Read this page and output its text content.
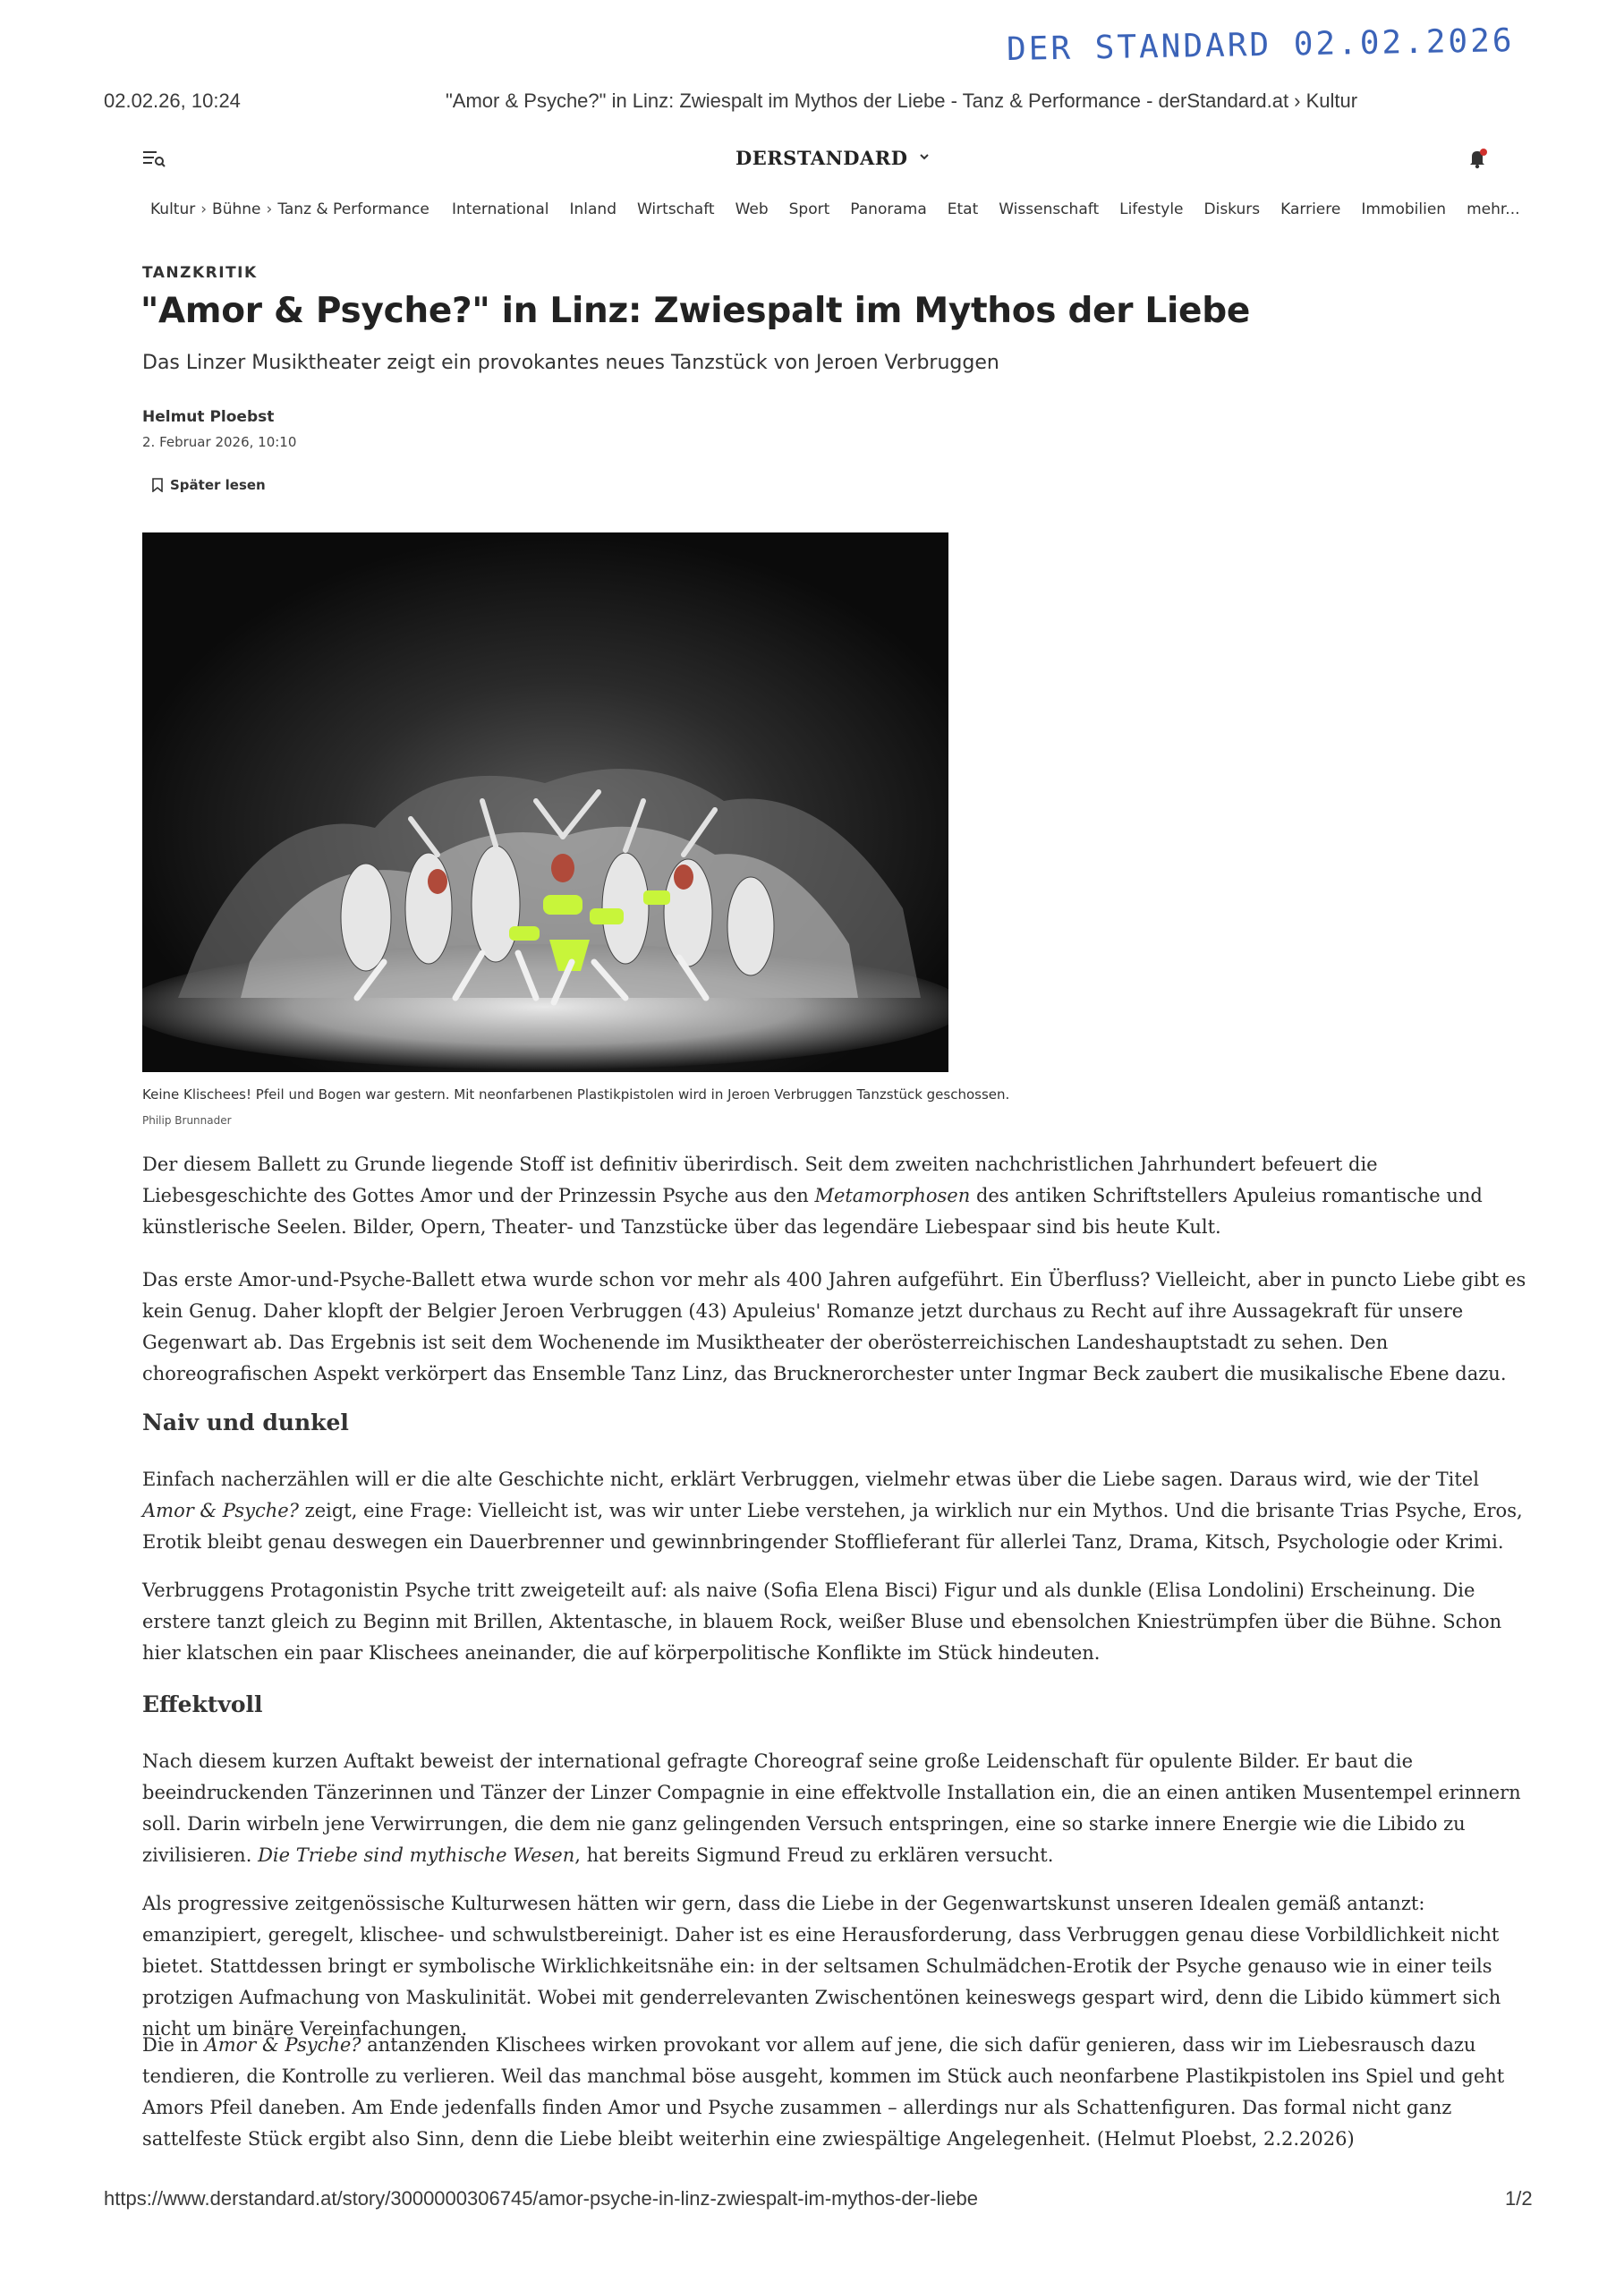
DER STANDARD 02.02.2026
02.02.26, 10:24	"Amor & Psyche?" in Linz: Zwiespalt im Mythos der Liebe - Tanz & Performance - derStandard.at › Kultur
DERSTANDARD
Kultur › Bühne › Tanz & Performance International Inland Wirtschaft Web Sport Panorama Etat Wissenschaft Lifestyle Diskurs Karriere Immobilien mehr...
TANZKRITIK
"Amor & Psyche?" in Linz: Zwiespalt im Mythos der Liebe
Das Linzer Musiktheater zeigt ein provokantes neues Tanzstück von Jeroen Verbruggen
Helmut Ploebst
2. Februar 2026, 10:10
Später lesen
Keine Klischees! Pfeil und Bogen war gestern. Mit neonfarbenen Plastikpistolen wird in Jeroen Verbruggen Tanzstück geschossen.
Philip Brunnader

Der diesem Ballett zu Grunde liegende Stoff ist definitiv überirdisch. Seit dem zweiten nachchristlichen Jahrhundert befeuert die Liebesgeschichte des Gottes Amor und der Prinzessin Psyche aus den Metamorphosen des antiken Schriftstellers Apuleius romantische und künstlerische Seelen. Bilder, Opern, Theater- und Tanzstücke über das legendäre Liebespaar sind bis heute Kult.

Das erste Amor-und-Psyche-Ballett etwa wurde schon vor mehr als 400 Jahren aufgeführt. Ein Überfluss? Vielleicht, aber in puncto Liebe gibt es kein Genug. Daher klopft der Belgier Jeroen Verbruggen (43) Apuleius' Romanze jetzt durchaus zu Recht auf ihre Aussagekraft für unsere Gegenwart ab. Das Ergebnis ist seit dem Wochenende im Musiktheater der oberösterreichischen Landeshauptstadt zu sehen. Den choreografischen Aspekt verkörpert das Ensemble Tanz Linz, das Brucknerorchester unter Ingmar Beck zaubert die musikalische Ebene dazu.

Naiv und dunkel

Einfach nacherzählen will er die alte Geschichte nicht, erklärt Verbruggen, vielmehr etwas über die Liebe sagen. Daraus wird, wie der Titel Amor & Psyche? zeigt, eine Frage: Vielleicht ist, was wir unter Liebe verstehen, ja wirklich nur ein Mythos. Und die brisante Trias Psyche, Eros, Erotik bleibt genau deswegen ein Dauerbrenner und gewinnbringender Stofflieferant für allerlei Tanz, Drama, Kitsch, Psychologie oder Krimi.

Verbruggens Protagonistin Psyche tritt zweigeteilt auf: als naive (Sofia Elena Bisci) Figur und als dunkle (Elisa Londolini) Erscheinung. Die erstere tanzt gleich zu Beginn mit Brillen, Aktentasche, in blauem Rock, weißer Bluse und ebensolchen Kniestrümpfen über die Bühne. Schon hier klatschen ein paar Klischees aneinander, die auf körperpolitische Konflikte im Stück hindeuten.

Effektvoll

Nach diesem kurzen Auftakt beweist der international gefragte Choreograf seine große Leidenschaft für opulente Bilder. Er baut die beeindruckenden Tänzerinnen und Tänzer der Linzer Compagnie in eine effektvolle Installation ein, die an einen antiken Musentempel erinnern soll. Darin wirbeln jene Verwirrungen, die dem nie ganz gelingenden Versuch entspringen, eine so starke innere Energie wie die Libido zu zivilisieren. Die Triebe sind mythische Wesen, hat bereits Sigmund Freud zu erklären versucht.

Als progressive zeitgenössische Kulturwesen hätten wir gern, dass die Liebe in der Gegenwartskunst unseren Idealen gemäß antanzt: emanzipiert, geregelt, klischee- und schwulstbereinigt. Daher ist es eine Herausforderung, dass Verbruggen genau diese Vorbildlichkeit nicht bietet. Stattdessen bringt er symbolische Wirklichkeitsnähe ein: in der seltsamen Schulmädchen-Erotik der Psyche genauso wie in einer teils protzigen Aufmachung von Maskulinität. Wobei mit genderrelevanten Zwischentönen keineswegs gespart wird, denn die Libido kümmert sich nicht um binäre Vereinfachungen.

Die in Amor & Psyche? antanzenden Klischees wirken provokant vor allem auf jene, die sich dafür genieren, dass wir im Liebesrausch dazu tendieren, die Kontrolle zu verlieren. Weil das manchmal böse ausgeht, kommen im Stück auch neonfarbene Plastikpistolen ins Spiel und geht Amors Pfeil daneben. Am Ende jedenfalls finden Amor und Psyche zusammen – allerdings nur als Schattenfiguren. Das formal nicht ganz sattelfeste Stück ergibt also Sinn, denn die Liebe bleibt weiterhin eine zwiespältige Angelegenheit. (Helmut Ploebst, 2.2.2026)

https://www.derstandard.at/story/3000000306745/amor-psyche-in-linz-zwiespalt-im-mythos-der-liebe	1/2
